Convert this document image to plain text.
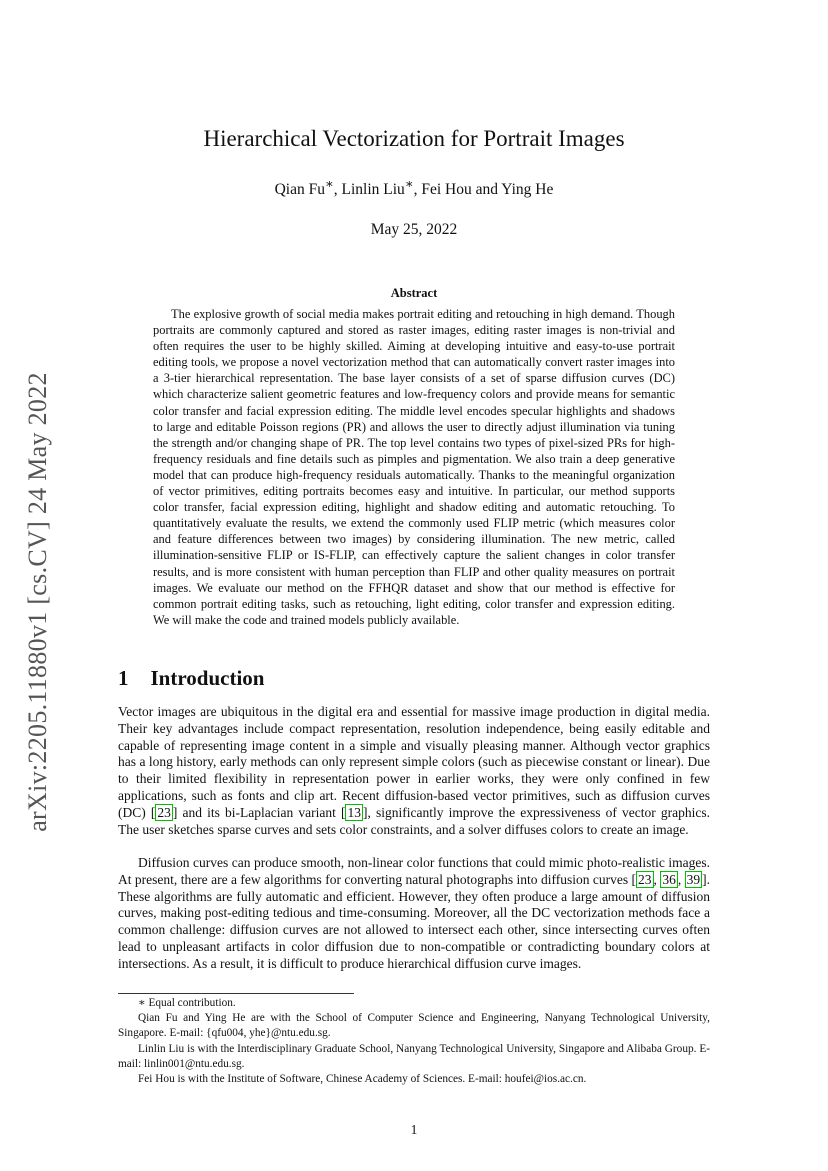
arXiv:2205.11880v1 [cs.CV] 24 May 2022
Hierarchical Vectorization for Portrait Images
Qian Fu∗, Linlin Liu∗, Fei Hou and Ying He
May 25, 2022
Abstract

The explosive growth of social media makes portrait editing and retouching in high demand. Though portraits are commonly captured and stored as raster images, editing raster images is non-trivial and often requires the user to be highly skilled. Aiming at developing intuitive and easy-to-use portrait editing tools, we propose a novel vectorization method that can automatically convert raster images into a 3-tier hierarchical representation. The base layer consists of a set of sparse diffusion curves (DC) which characterize salient geometric features and low-frequency colors and provide means for semantic color transfer and facial expression editing. The middle level encodes specular highlights and shadows to large and editable Poisson regions (PR) and allows the user to directly adjust illumination via tuning the strength and/or changing shape of PR. The top level contains two types of pixel-sized PRs for high-frequency residuals and fine details such as pimples and pigmentation. We also train a deep generative model that can produce high-frequency residuals automatically. Thanks to the meaningful organization of vector primitives, editing portraits becomes easy and intuitive. In particular, our method supports color transfer, facial expression editing, highlight and shadow editing and automatic retouching. To quantitatively evaluate the results, we extend the commonly used FLIP metric (which measures color and feature differences between two images) by considering illumination. The new metric, called illumination-sensitive FLIP or IS-FLIP, can effectively capture the salient changes in color transfer results, and is more consistent with human perception than FLIP and other quality measures on portrait images. We evaluate our method on the FFHQR dataset and show that our method is effective for common portrait editing tasks, such as retouching, light editing, color transfer and expression editing. We will make the code and trained models publicly available.

1 Introduction

Vector images are ubiquitous in the digital era and essential for massive image production in digital media. Their key advantages include compact representation, resolution independence, being easily editable and capable of representing image content in a simple and visually pleasing manner. Although vector graphics has a long history, early methods can only represent simple colors (such as piecewise constant or linear). Due to their limited flexibility in representation power in earlier works, they were only confined in few applications, such as fonts and clip art. Recent diffusion-based vector primitives, such as diffusion curves (DC) [ 23 ] and its bi-Laplacian variant [ 13 ], significantly improve the expressiveness of vector graphics. The user sketches sparse curves and sets color constraints, and a solver diffuses colors to create an image.

Diffusion curves can produce smooth, non-linear color functions that could mimic photo-realistic images. At present, there are a few algorithms for converting natural photographs into diffusion curves [ 23 , 36 , 39 ]. These algorithms are fully automatic and efficient. However, they often produce a large amount of diffusion curves, making post-editing tedious and time-consuming. Moreover, all the DC vectorization methods face a common challenge: diffusion curves are not allowed to intersect each other, since intersecting curves often lead to unpleasant artifacts in color diffusion due to non-compatible or contradicting boundary colors at intersections. As a result, it is difficult to produce hierarchical diffusion curve images.

∗ Equal contribution.

Qian Fu and Ying He are with the School of Computer Science and Engineering, Nanyang Technological University, Singapore. E-mail: {qfu004, yhe}@ntu.edu.sg.

Linlin Liu is with the Interdisciplinary Graduate School, Nanyang Technological University, Singapore and Alibaba Group. E-mail: linlin001@ntu.edu.sg.

Fei Hou is with the Institute of Software, Chinese Academy of Sciences. E-mail: houfei@ios.ac.cn.

1
